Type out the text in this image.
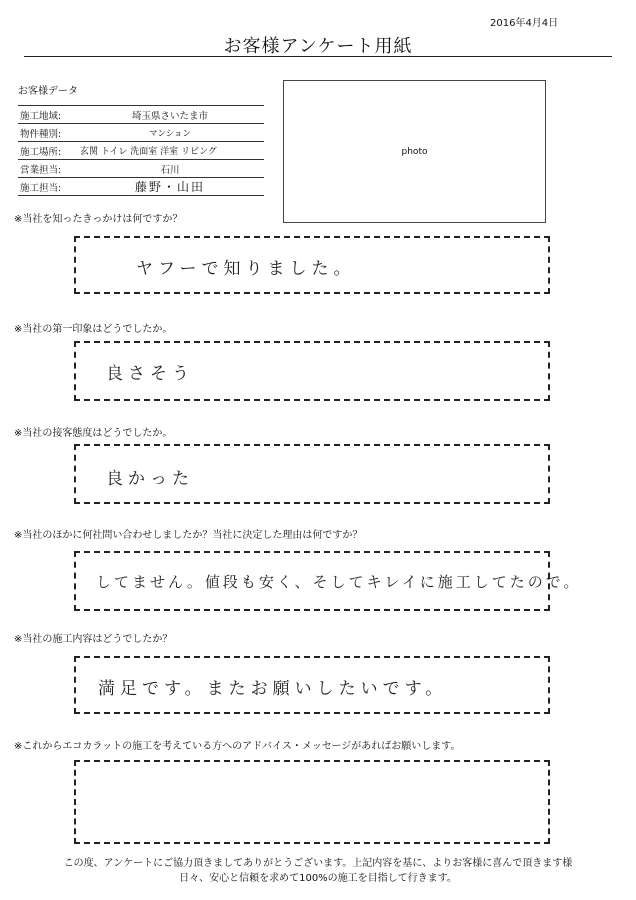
2016年4月4日
お客様アンケート用紙
お客様データ
施工地域:	埼玉県さいたま市
物件種別:	マンション
施工場所:	玄関 トイレ 洗面室 洋室 リビング
営業担当:	石川
施工担当:	藤野・山田
photo
※当社を知ったきっかけは何ですか？
ヤフーで知りました。
※当社の第一印象はどうでしたか。
良さそう
※当社の接客態度はどうでしたか。
良かった
※当社のほかに何社問い合わせしましたか？当社に決定した理由は何ですか？
してません。値段も安く、そしてキレイに施工してたので。
※当社の施工内容はどうでしたか？
満足です。またお願いしたいです。
※これからエコカラットの施工を考えている方へのアドバイス・メッセージがあればお願いします。
この度、アンケートにご協力頂きましてありがとうございます。上記内容を基に、よりお客様に喜んで頂きます様
日々、安心と信頼を求めて100%の施工を目指して行きます。
